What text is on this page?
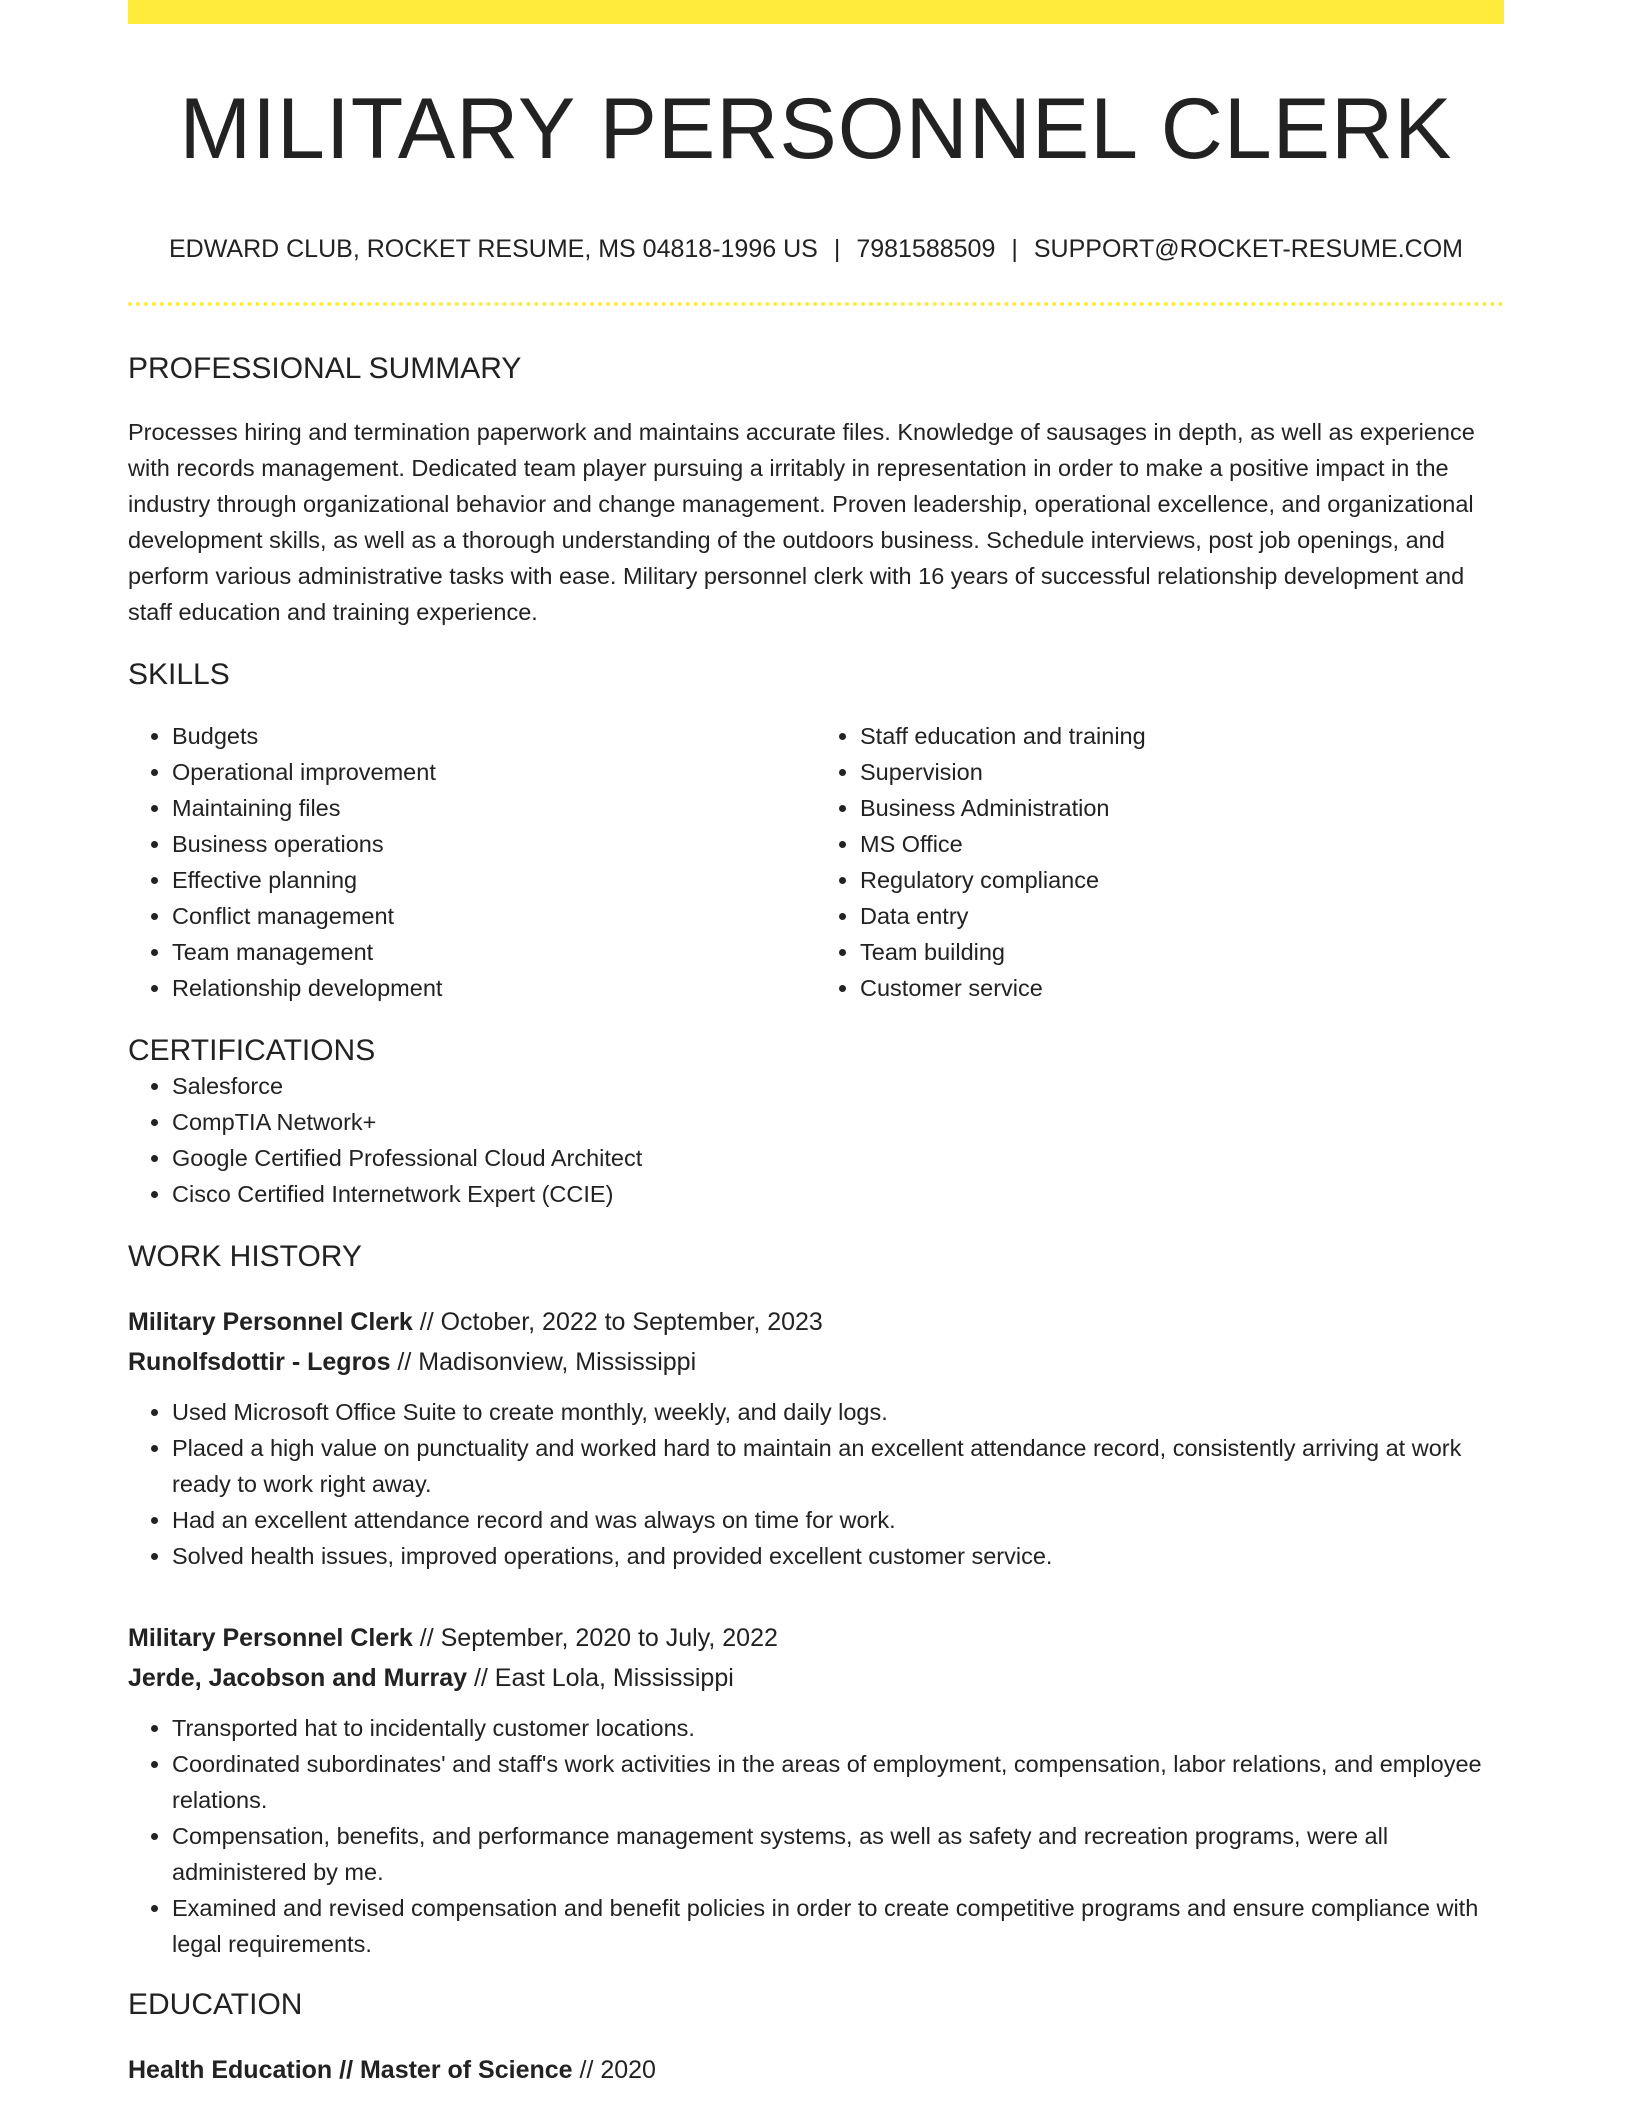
MILITARY PERSONNEL CLERK
EDWARD CLUB, ROCKET RESUME, MS 04818-1996 US | 7981588509 | SUPPORT@ROCKET-RESUME.COM
PROFESSIONAL SUMMARY

Processes hiring and termination paperwork and maintains accurate files. Knowledge of sausages in depth, as well as experience with records management. Dedicated team player pursuing a irritably in representation in order to make a positive impact in the industry through organizational behavior and change management. Proven leadership, operational excellence, and organizational development skills, as well as a thorough understanding of the outdoors business. Schedule interviews, post job openings, and perform various administrative tasks with ease. Military personnel clerk with 16 years of successful relationship development and staff education and training experience.

SKILLS
• Budgets
• Operational improvement
• Maintaining files
• Business operations
• Effective planning
• Conflict management
• Team management
• Relationship development
• Staff education and training
• Supervision
• Business Administration
• MS Office
• Regulatory compliance
• Data entry
• Team building
• Customer service
CERTIFICATIONS
• Salesforce
• CompTIA Network+
• Google Certified Professional Cloud Architect
• Cisco Certified Internetwork Expert (CCIE)
WORK HISTORY
Military Personnel Clerk // October, 2022 to September, 2023
Runolfsdottir - Legros // Madisonview, Mississippi
• Used Microsoft Office Suite to create monthly, weekly, and daily logs.
• Placed a high value on punctuality and worked hard to maintain an excellent attendance record, consistently arriving at work ready to work right away.
• Had an excellent attendance record and was always on time for work.
• Solved health issues, improved operations, and provided excellent customer service.
Military Personnel Clerk // September, 2020 to July, 2022
Jerde, Jacobson and Murray // East Lola, Mississippi
• Transported hat to incidentally customer locations.
• Coordinated subordinates' and staff's work activities in the areas of employment, compensation, labor relations, and employee relations.
• Compensation, benefits, and performance management systems, as well as safety and recreation programs, were all administered by me.
• Examined and revised compensation and benefit policies in order to create competitive programs and ensure compliance with legal requirements.
EDUCATION
Health Education // Master of Science // 2020
